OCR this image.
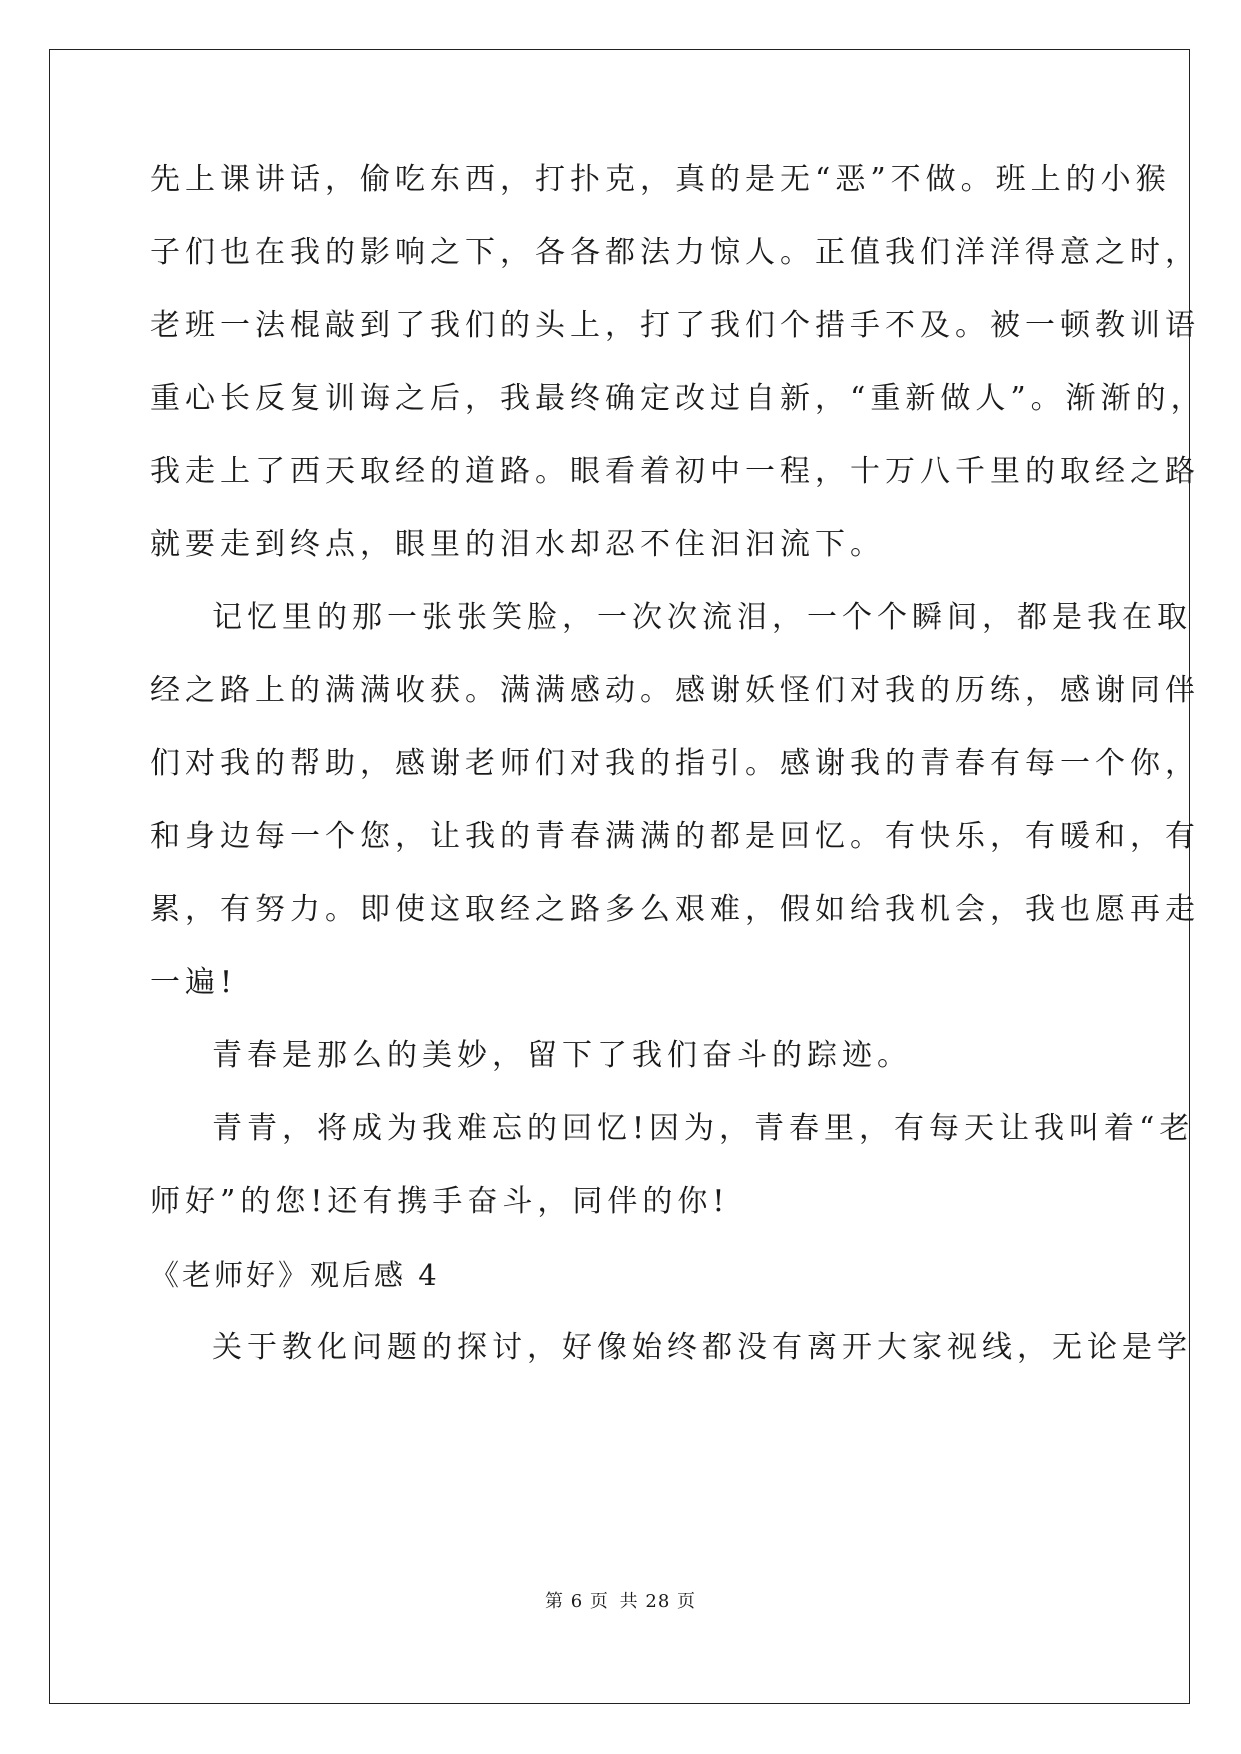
先上课讲话，偷吃东西，打扑克，真的是无“恶”不做。班上的小猴
子们也在我的影响之下，各各都法力惊人。正值我们洋洋得意之时，
老班一法棍敲到了我们的头上，打了我们个措手不及。被一顿教训语
重心长反复训诲之后，我最终确定改过自新，“重新做人”。渐渐的，
我走上了西天取经的道路。眼看着初中一程，十万八千里的取经之路
就要走到终点，眼里的泪水却忍不住汩汩流下。
记忆里的那一张张笑脸，一次次流泪，一个个瞬间，都是我在取
经之路上的满满收获。满满感动。感谢妖怪们对我的历练，感谢同伴
们对我的帮助，感谢老师们对我的指引。感谢我的青春有每一个你，
和身边每一个您，让我的青春满满的都是回忆。有快乐，有暖和，有
累，有努力。即使这取经之路多么艰难，假如给我机会，我也愿再走
一遍!
青春是那么的美妙，留下了我们奋斗的踪迹。
青青，将成为我难忘的回忆!因为，青春里，有每天让我叫着“老
师好”的您!还有携手奋斗，同伴的你!
《老师好》观后感 4
关于教化问题的探讨，好像始终都没有离开大家视线，无论是学
第 6 页 共 28 页
